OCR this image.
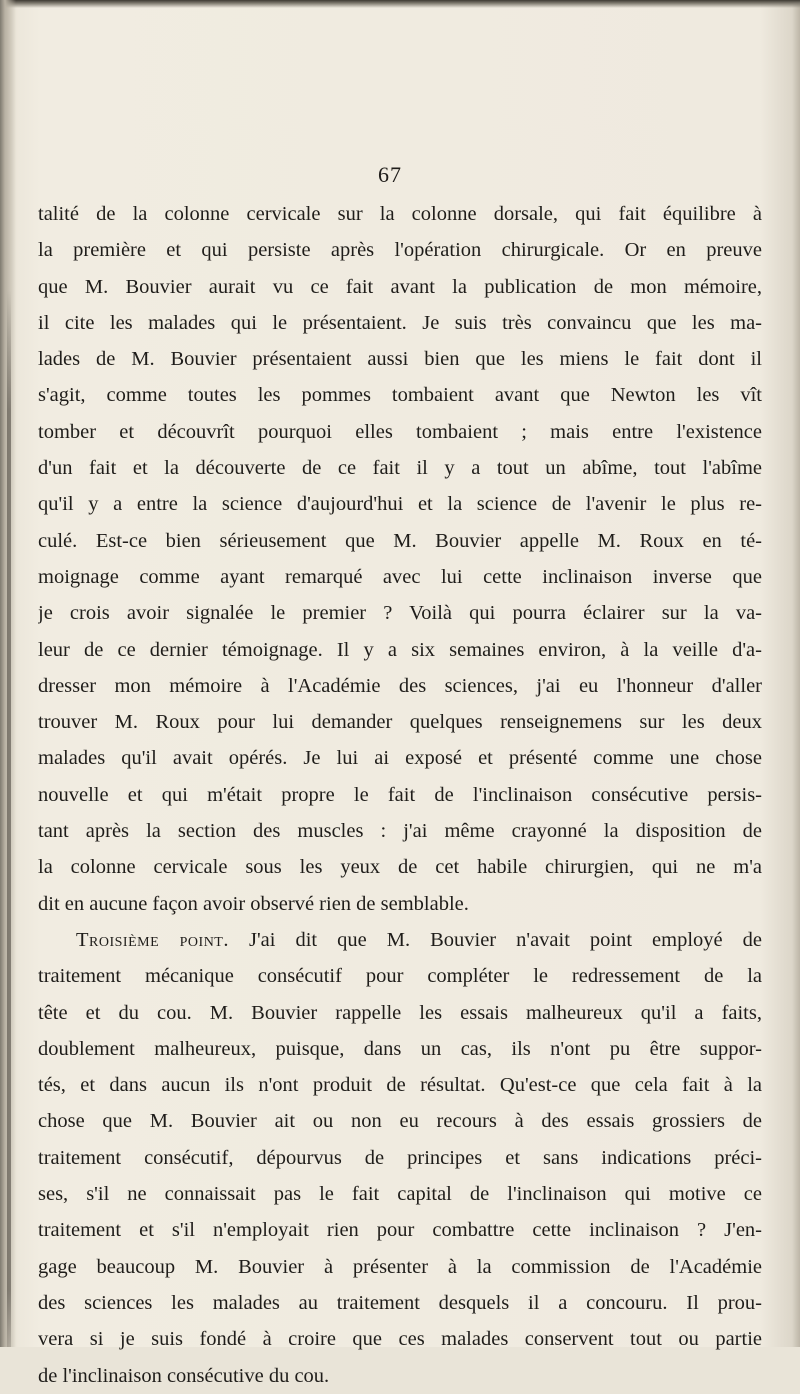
67
talité de la colonne cervicale sur la colonne dorsale, qui fait équilibre à
la première et qui persiste après l'opération chirurgicale. Or en preuve
que M. Bouvier aurait vu ce fait avant la publication de mon mémoire,
il cite les malades qui le présentaient. Je suis très convaincu que les ma-
lades de M. Bouvier présentaient aussi bien que les miens le fait dont il
s'agit, comme toutes les pommes tombaient avant que Newton les vît
tomber et découvrît pourquoi elles tombaient ; mais entre l'existence
d'un fait et la découverte de ce fait il y a tout un abîme, tout l'abîme
qu'il y a entre la science d'aujourd'hui et la science de l'avenir le plus re-
culé. Est-ce bien sérieusement que M. Bouvier appelle M. Roux en té-
moignage comme ayant remarqué avec lui cette inclinaison inverse que
je crois avoir signalée le premier ? Voilà qui pourra éclairer sur la va-
leur de ce dernier témoignage. Il y a six semaines environ, à la veille d'a-
dresser mon mémoire à l'Académie des sciences, j'ai eu l'honneur d'aller
trouver M. Roux pour lui demander quelques renseignemens sur les deux
malades qu'il avait opérés. Je lui ai exposé et présenté comme une chose
nouvelle et qui m'était propre le fait de l'inclinaison consécutive persis-
tant après la section des muscles : j'ai même crayonné la disposition de
la colonne cervicale sous les yeux de cet habile chirurgien, qui ne m'a
dit en aucune façon avoir observé rien de semblable.
Troisième point. J'ai dit que M. Bouvier n'avait point employé de
traitement mécanique consécutif pour compléter le redressement de la
tête et du cou. M. Bouvier rappelle les essais malheureux qu'il a faits,
doublement malheureux, puisque, dans un cas, ils n'ont pu être suppor-
tés, et dans aucun ils n'ont produit de résultat. Qu'est-ce que cela fait à la
chose que M. Bouvier ait ou non eu recours à des essais grossiers de
traitement consécutif, dépourvus de principes et sans indications préci-
ses, s'il ne connaissait pas le fait capital de l'inclinaison qui motive ce
traitement et s'il n'employait rien pour combattre cette inclinaison ? J'en-
gage beaucoup M. Bouvier à présenter à la commission de l'Académie
des sciences les malades au traitement desquels il a concouru. Il prou-
vera si je suis fondé à croire que ces malades conservent tout ou partie
de l'inclinaison consécutive du cou.
